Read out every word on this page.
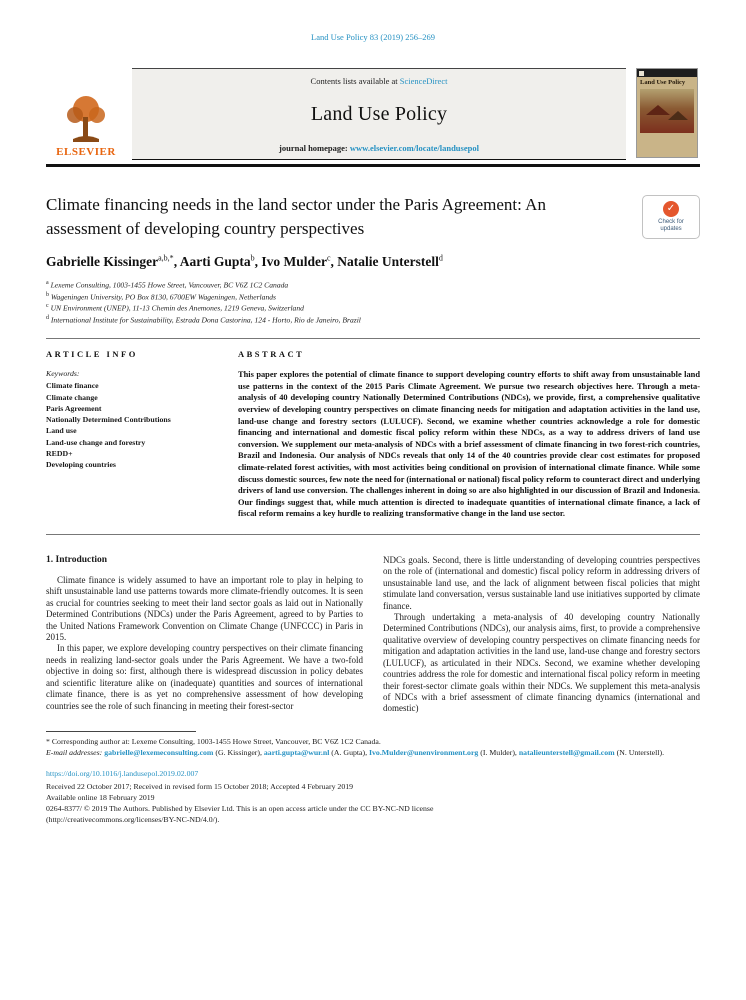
Land Use Policy 83 (2019) 256–269
ELSEVIER
Contents lists available at ScienceDirect
Land Use Policy
journal homepage: www.elsevier.com/locate/landusepol
Land Use Policy
Climate financing needs in the land sector under the Paris Agreement: An assessment of developing country perspectives
✓
Check for updates
Gabrielle Kissinger$^{a,b,*}$, Aarti Gupta$^b$, Ivo Mulder$^c$, Natalie Unterstell$^d$
$^a$ Lexeme Consulting, 1003-1455 Howe Street, Vancouver, BC V6Z 1C2 Canada
$^b$ Wageningen University, PO Box 8130, 6700EW Wageningen, Netherlands
$^c$ UN Environment (UNEP), 11-13 Chemin des Anemones, 1219 Geneva, Switzerland
$^d$ International Institute for Sustainability, Estrada Dona Castorina, 124 - Horto, Rio de Janeiro, Brazil
ARTICLE INFO
Keywords:
Climate finance
Climate change
Paris Agreement
Nationally Determined Contributions
Land use
Land-use change and forestry
REDD+
Developing countries
ABSTRACT

This paper explores the potential of climate finance to support developing country efforts to shift away from unsustainable land use patterns in the context of the 2015 Paris Climate Agreement. We pursue two research objectives here. Through a meta-analysis of 40 developing country Nationally Determined Contributions (NDCs), we provide, first, a comprehensive qualitative overview of developing country perspectives on climate financing needs for mitigation and adaptation activities in the land use, land-use change and forestry sectors (LULUCF). Second, we examine whether countries acknowledge a role for domestic financing and international and domestic fiscal policy reform within these NDCs, as a way to address drivers of land use conversion. We supplement our meta-analysis of NDCs with a brief assessment of climate financing in two forest-rich countries, Brazil and Indonesia. Our analysis of NDCs reveals that only 14 of the 40 countries provide clear cost estimates for proposed climate-related forest activities, with most activities being conditional on provision of international climate finance. While some discuss domestic sources, few note the need for (international or national) fiscal policy reform to counteract direct and underlying drivers of land use conversion. The challenges inherent in doing so are also highlighted in our discussion of Brazil and Indonesia. Our findings suggest that, while much attention is directed to inadequate quantities of international climate finance, a lack of fiscal reform remains a key hurdle to realizing transformative change in the land use sector.

1. Introduction

Climate finance is widely assumed to have an important role to play in helping to shift unsustainable land use patterns towards more climate-friendly outcomes. It is seen as crucial for countries seeking to meet their land sector goals as laid out in Nationally Determined Contributions (NDCs) under the Paris Agreement, agreed to by Parties to the United Nations Framework Convention on Climate Change (UNFCCC) in Paris in 2015.

In this paper, we explore developing country perspectives on their climate financing needs in realizing land-sector goals under the Paris Agreement. We have a two-fold objective in doing so: first, although there is widespread discussion in policy debates and scientific literature alike on (inadequate) quantities and sources of international climate finance, there is as yet no comprehensive assessment of how developing countries see the role of such financing in meeting their forest-sector

NDCs goals. Second, there is little understanding of developing countries perspectives on the role of (international and domestic) fiscal policy reform in addressing drivers of unsustainable land use, and the lack of alignment between fiscal policies that might stimulate land conversation, versus sustainable land use initiatives supported by climate finance.

Through undertaking a meta-analysis of 40 developing country Nationally Determined Contributions (NDCs), our analysis aims, first, to provide a comprehensive qualitative overview of developing country perspectives on climate financing needs for mitigation and adaptation activities in the land use, land-use change and forestry sectors (LULUCF), as articulated in their NDCs. Second, we examine whether developing countries address the role for domestic and international fiscal policy reform in meeting their forest-sector climate goals within their NDCs. We supplement this meta-analysis of NDCs with a brief assessment of climate financing dynamics (international and domestic)

* Corresponding author at: Lexeme Consulting, 1003-1455 Howe Street, Vancouver, BC V6Z 1C2 Canada.

E-mail addresses: gabrielle@lexemeconsulting.com (G. Kissinger), aarti.gupta@wur.nl (A. Gupta), Ivo.Mulder@unenvironment.org (I. Mulder), natalieunterstell@gmail.com (N. Unterstell).

https://doi.org/10.1016/j.landusepol.2019.02.007
Received 22 October 2017; Received in revised form 15 October 2018; Accepted 4 February 2019
Available online 18 February 2019
0264-8377/ © 2019 The Authors. Published by Elsevier Ltd. This is an open access article under the CC BY-NC-ND license
(http://creativecommons.org/licenses/BY-NC-ND/4.0/).
